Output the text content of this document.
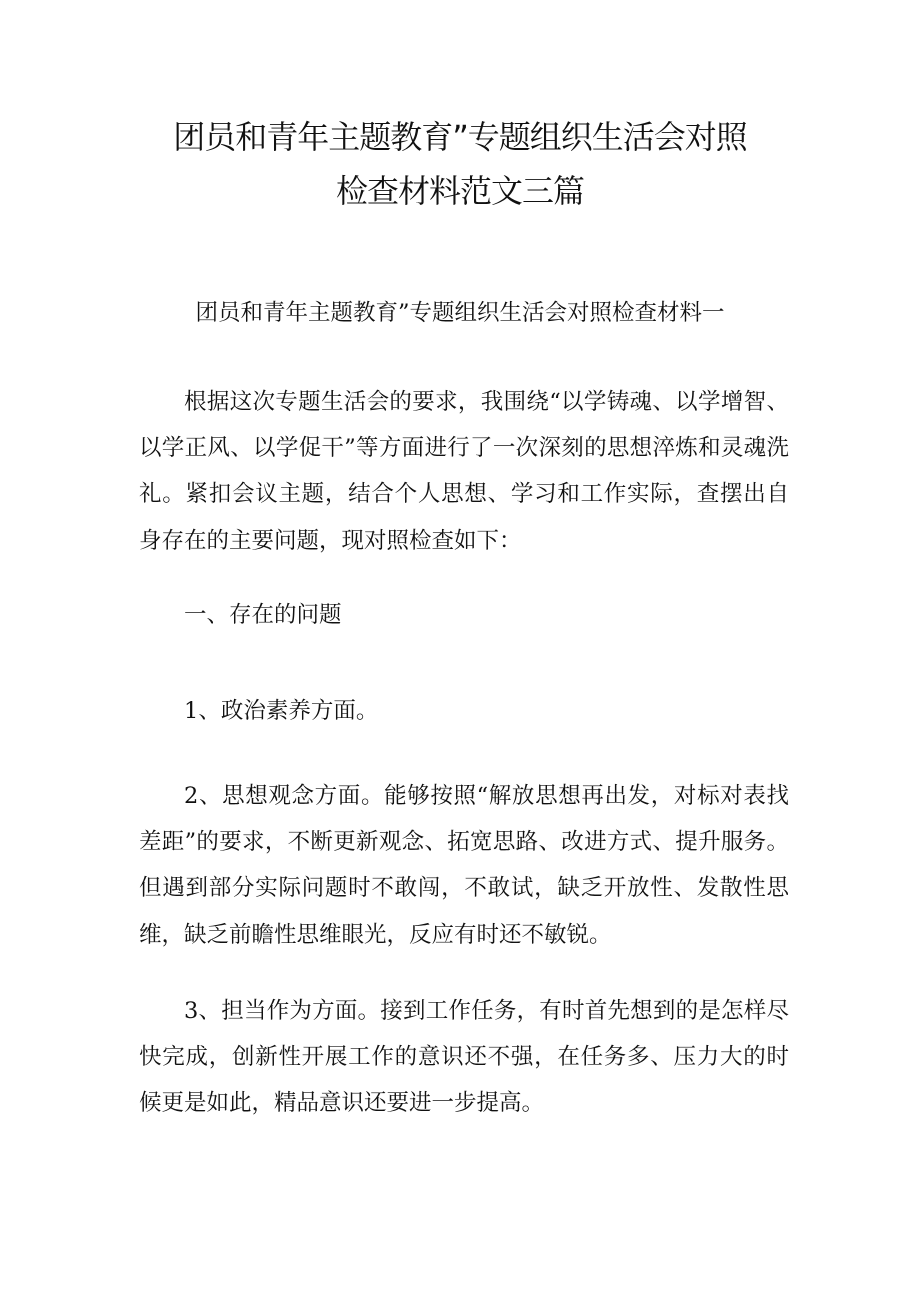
团员和青年主题教育”专题组织生活会对照
检查材料范文三篇
团员和青年主题教育”专题组织生活会对照检查材料一

根据这次专题生活会的要求，我围绕“以学铸魂、以学增智、以学正风、以学促干”等方面进行了一次深刻的思想淬炼和灵魂洗礼。紧扣会议主题，结合个人思想、学习和工作实际，查摆出自身存在的主要问题，现对照检查如下：

一、存在的问题

1、政治素养方面。

2、思想观念方面。能够按照“解放思想再出发，对标对表找差距”的要求，不断更新观念、拓宽思路、改进方式、提升服务。但遇到部分实际问题时不敢闯，不敢试，缺乏开放性、发散性思维，缺乏前瞻性思维眼光，反应有时还不敏锐。

3、担当作为方面。接到工作任务，有时首先想到的是怎样尽快完成，创新性开展工作的意识还不强，在任务多、压力大的时候更是如此，精品意识还要进一步提高。
